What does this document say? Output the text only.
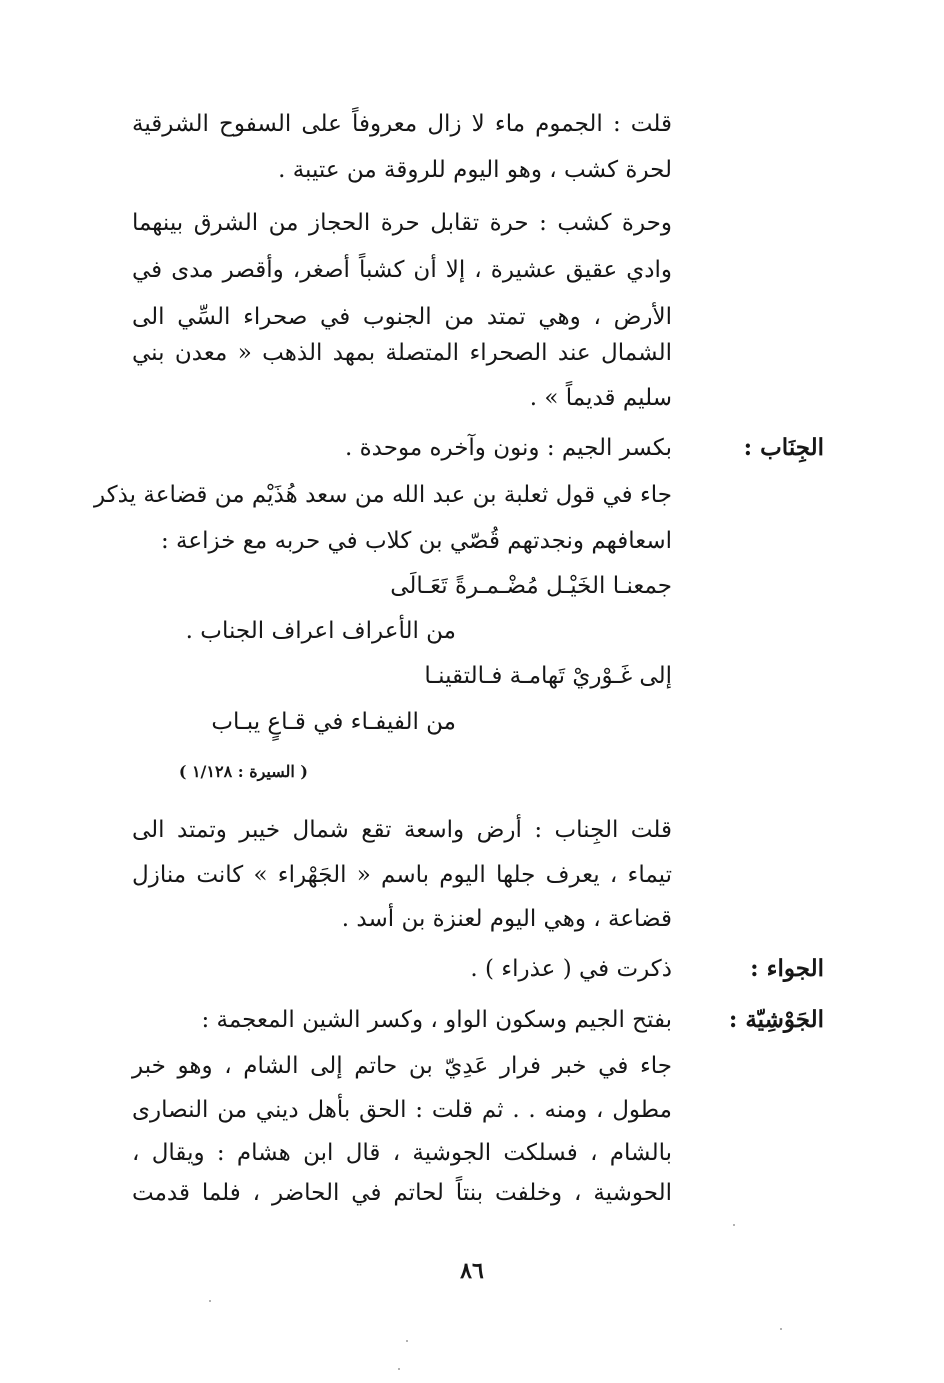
قلت : الجموم ماء لا زال معروفاً على السفوح الشرقية
لحرة كشب ، وهو اليوم للروقة من عتيبة .
وحرة كشب : حرة تقابل حرة الحجاز من الشرق بينهما
وادي عقيق عشيرة ، إلا أن كشباً أصغر، وأقصر مدى في
الأرض ، وهي تمتد من الجنوب في صحراء السِّي الى
الشمال عند الصحراء المتصلة بمهد الذهب « معدن بني
سليم قديماً » .
الجِنَاب :
بكسر الجيم : ونون وآخره موحدة .
جاء في قول ثعلبة بن عبد الله من سعد هُذَيْم من قضاعة يذكر
اسعافهم ونجدتهم قُصّي بن كلاب في حربه مع خزاعة :
جمعنـا الخَيْـل مُضْـمـرةً تَعَـالَى
من الأعراف اعراف الجناب .
إلى غَـوْريْ تَهامـة فـالتقينـا
من الفيفـاء في قـاعٍ يبـاب
( السيرة : ١/١٢٨ )
قلت الجِناب : أرض واسعة تقع شمال خيبر وتمتد الى
تيماء ، يعرف جلها اليوم باسم « الجَهْراء » كانت منازل
قضاعة ، وهي اليوم لعنزة بن أسد .
الجواء :
ذكرت في ( عذراء ) .
الجَوْشِيّة :
بفتح الجيم وسكون الواو ، وكسر الشين المعجمة :
جاء في خبر فرار عَدِيّ بن حاتم إلى الشام ، وهو خبر
مطول ، ومنه . . ثم قلت : الحق بأهل ديني من النصارى
بالشام ، فسلكت الجوشية ، قال ابن هشام : ويقال ،
الحوشية ، وخلفت بنتاً لحاتم في الحاضر ، فلما قدمت
٨٦
